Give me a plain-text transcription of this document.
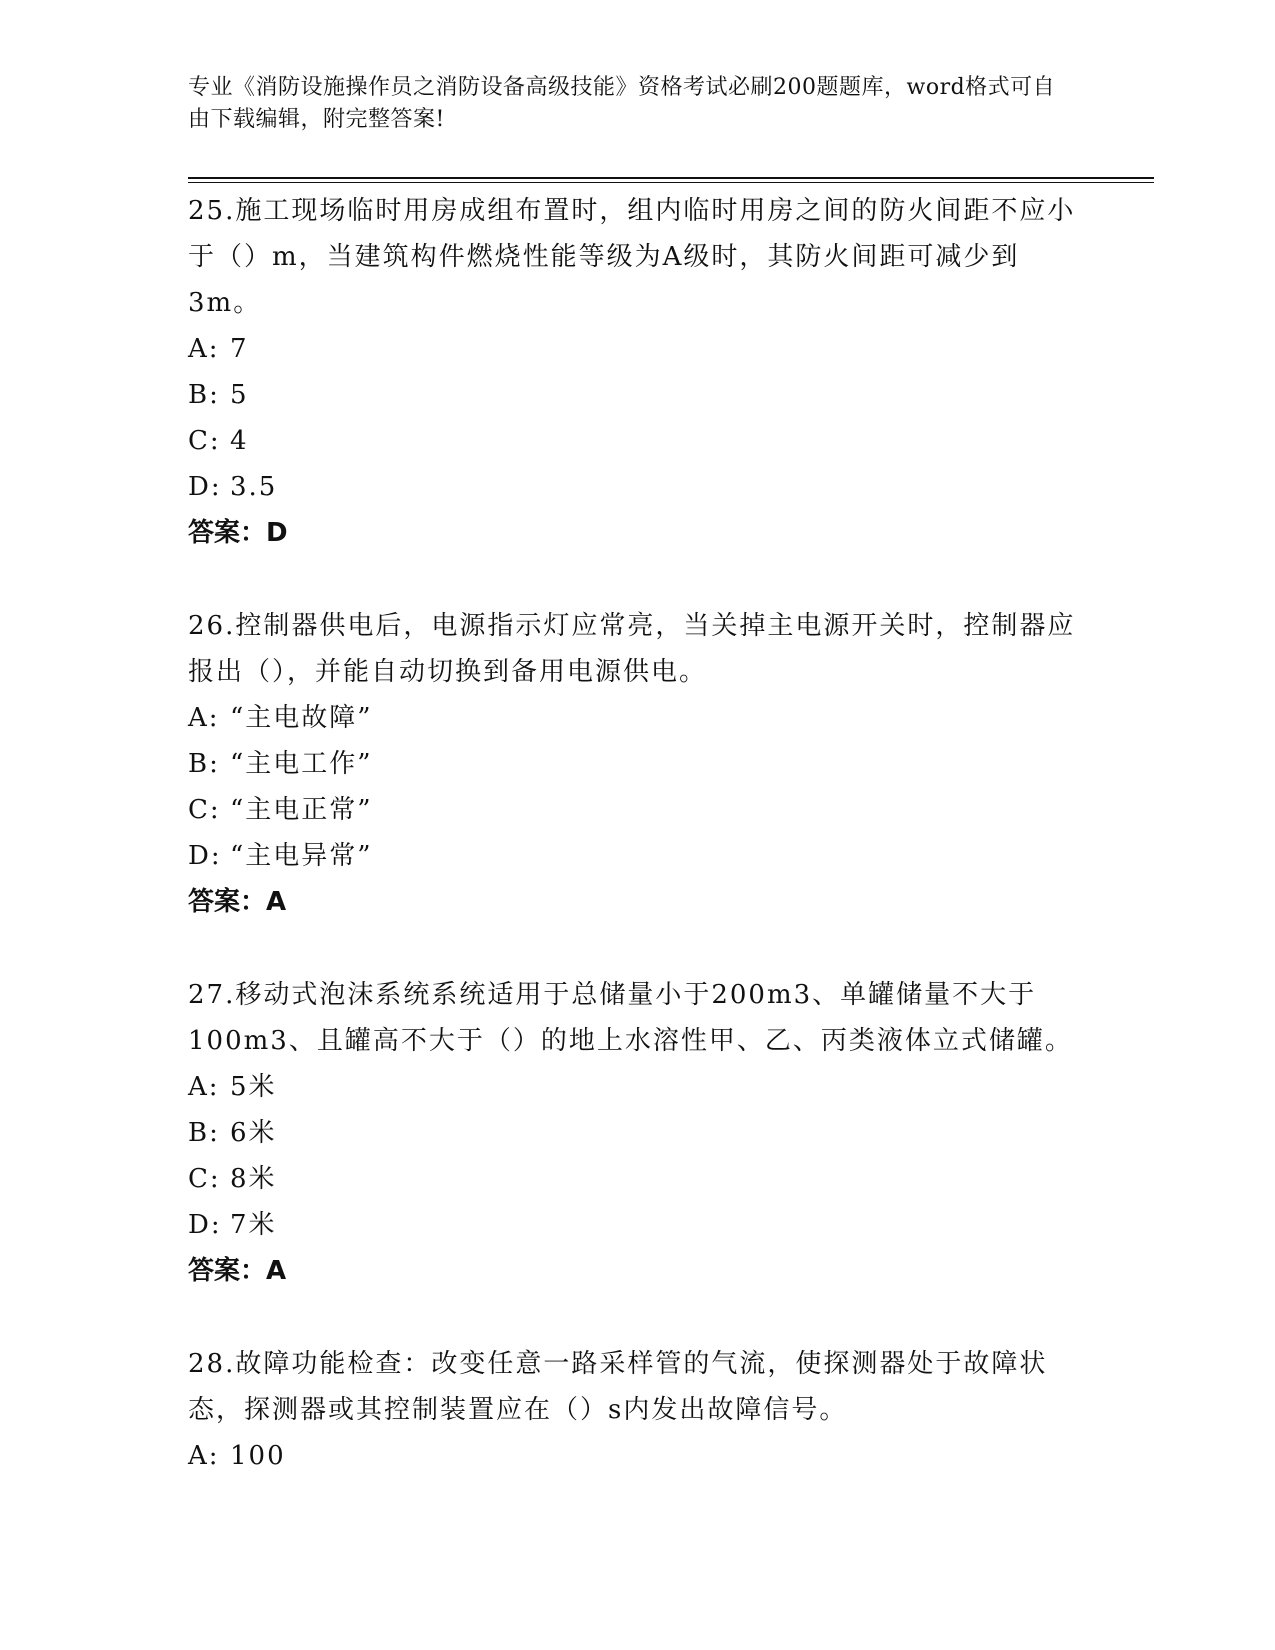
专业《消防设施操作员之消防设备高级技能》资格考试必刷200题题库，word格式可自由下载编辑，附完整答案!

25.施工现场临时用房成组布置时，组内临时用房之间的防火间距不应小于（）m，当建筑构件燃烧性能等级为A级时，其防火间距可减少到3m。

A: 7
B: 5
C: 4
D: 3.5
答案：D

26.控制器供电后，电源指示灯应常亮，当关掉主电源开关时，控制器应报出（），并能自动切换到备用电源供电。

A: “主电故障”
B: “主电工作”
C: “主电正常”
D: “主电异常”
答案：A

27.移动式泡沫系统系统适用于总储量小于200m3、单罐储量不大于100m3、且罐高不大于（）的地上水溶性甲、乙、丙类液体立式储罐。

A: 5米
B: 6米
C: 8米
D: 7米
答案：A

28.故障功能检查：改变任意一路采样管的气流，使探测器处于故障状态，探测器或其控制装置应在（）s内发出故障信号。

A: 100
